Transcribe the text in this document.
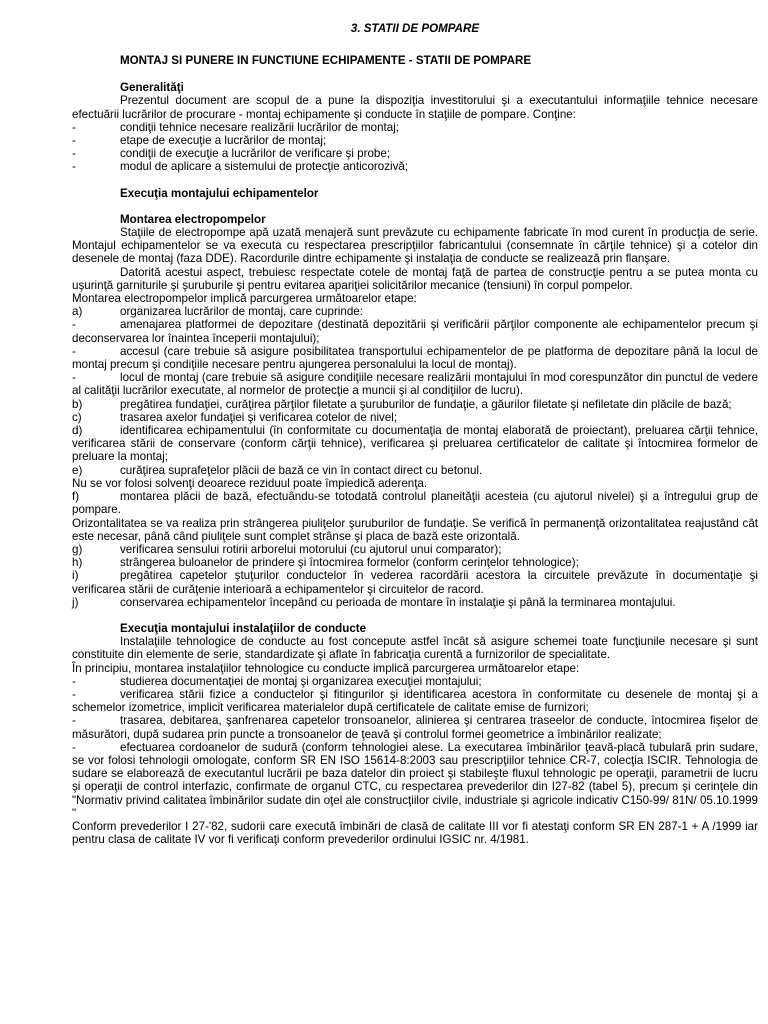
3. STATII DE POMPARE
MONTAJ SI PUNERE IN FUNCTIUNE ECHIPAMENTE - STATII DE POMPARE
Generalităţi
Prezentul document are scopul de a pune la dispoziţia investitorului şi a executantului informaţiile tehnice necesare efectuării lucrărilor de procurare - montaj echipamente şi conducte în staţiile de pompare. Conţine:
-	condiţii tehnice necesare realizării lucrărilor de montaj;
-	etape de execuţie a lucrărilor de montaj;
-	condiţii de execuţie a lucrărilor de verificare şi probe;
-	modul de aplicare a sistemului de protecţie anticorozivă;
Execuţia montajului echipamentelor
Montarea electropompelor
Staţiile de electropompe apă uzată menajeră sunt prevăzute cu echipamente fabricate în mod curent în producţia de serie. Montajul echipamentelor se va executa cu respectarea prescripţiilor fabricantului (consemnate în cărţile tehnice) şi a cotelor din desenele de montaj (faza DDE). Racordurile dintre echipamente şi instalaţia de conducte se realizează prin flanşare.
Datorită acestui aspect, trebuiesc respectate cotele de montaj faţă de partea de construcţie pentru a se putea monta cu uşurinţă garniturile şi şuruburile şi pentru evitarea apariţiei solicitărilor mecanice (tensiuni) în corpul pompelor.
Montarea electropompelor implică parcurgerea următoarelor etape:
a)	organizarea lucrărilor de montaj, care cuprinde:
-	amenajarea platformei de depozitare (destinată depozitării şi verificării părţilor componente ale echipamentelor precum şi deconservarea lor înaintea începerii montajului);
-	accesul (care trebuie să asigure posibilitatea transportului echipamentelor de pe platforma de depozitare până la locul de montaj precum şi condiţiile necesare pentru ajungerea personalului la locul de montaj).
-	locul de montaj (care trebuie să asigure condiţiile necesare realizării montajului în mod corespunzător din punctul de vedere al calităţii lucrărilor executate, al normelor de protecţie a muncii şi al condiţiilor de lucru).
b)	pregătirea fundaţiei, curăţirea părţilor filetate a şuruburilor de fundaţie, a găurilor filetate şi nefiletate din plăcile de bază;
c)	trasarea axelor fundaţiei şi verificarea cotelor de nivel;
d)	identificarea echipamentului (în conformitate cu documentaţia de montaj elaborată de proiectant), preluarea cărţii tehnice, verificarea stării de conservare (conform cărţii tehnice), verificarea şi preluarea certificatelor de calitate şi întocmirea formelor de preluare la montaj;
e)	curăţirea suprafeţelor plăcii de bază ce vin în contact direct cu betonul.
Nu se vor folosi solvenţi deoarece reziduul poate împiedică aderenţa.
f)	montarea plăcii de bază, efectuându-se totodată controlul planeităţii acesteia (cu ajutorul nivelei) şi a întregului grup de pompare.
Orizontalitatea se va realiza prin strângerea piuliţelor şuruburilor de fundaţie. Se verifică în permanenţă orizontalitatea reajustând cât este necesar, până când piuliţele sunt complet strânse şi placa de bază este orizontală.
g)	verificarea sensului rotirii arborelui motorului (cu ajutorul unui comparator);
h)	strângerea buloanelor de prindere şi întocmirea formelor (conform cerinţelor tehnologice);
i)	pregătirea capetelor ştuţurilor conductelor în vederea racordării acestora la circuitele prevăzute în documentaţie şi verificarea stării de curăţenie interioară a echipamentelor şi circuitelor de racord.
j)	conservarea echipamentelor începând cu perioada de montare în instalaţie şi până la terminarea montajului.
Execuţia montajului instalaţiilor de conducte
Instalaţiile tehnologice de conducte au fost concepute astfel încât să asigure schemei toate funcţiunile necesare şi sunt constituite din elemente de serie, standardizate şi aflate în fabricaţia curentă a furnizorilor de specialitate.
În principiu, montarea instalaţiilor tehnologice cu conducte implică parcurgerea următoarelor etape:
-	studierea documentaţiei de montaj şi organizarea execuţiei montajului;
-	verificarea stării fizice a conductelor şi fitingurilor şi identificarea acestora în conformitate cu desenele de montaj şi a schemelor izometrice, implicit verificarea materialelor după certificatele de calitate emise de furnizori;
-	trasarea, debitarea, şanfrenarea capetelor tronsoanelor, alinierea şi centrarea traseelor de conducte, întocmirea fişelor de măsurători, după sudarea prin puncte a tronsoanelor de ţeavă şi controlul formei geometrice a îmbinărilor realizate;
-	efectuarea cordoanelor de sudură (conform tehnologiei alese. La executarea îmbinărilor ţeavă-placă tubulară prin sudare, se vor folosi tehnologii omologate, conform SR EN ISO 15614-8:2003 sau prescripţiilor tehnice CR-7, colecţia ISCIR. Tehnologia de sudare se elaborează de executantul lucrării pe baza datelor din proiect şi stabileşte fluxul tehnologic pe operaţii, parametrii de lucru şi operaţii de control interfazic, confirmate de organul CTC, cu respectarea prevederilor din I27-82 (tabel 5), precum şi cerinţele din "Normativ privind calitatea îmbinărilor sudate din oţel ale construcţiilor civile, industriale şi agricole indicativ C150-99/ 81N/ 05.10.1999 "
Conform prevederilor I 27-'82, sudorii care execută îmbinări de clasă de calitate III vor fi atestaţi conform SR EN 287-1 + A /1999 iar pentru clasa de calitate IV vor fi verificaţi conform prevederilor ordinului IGSIC nr. 4/1981.
